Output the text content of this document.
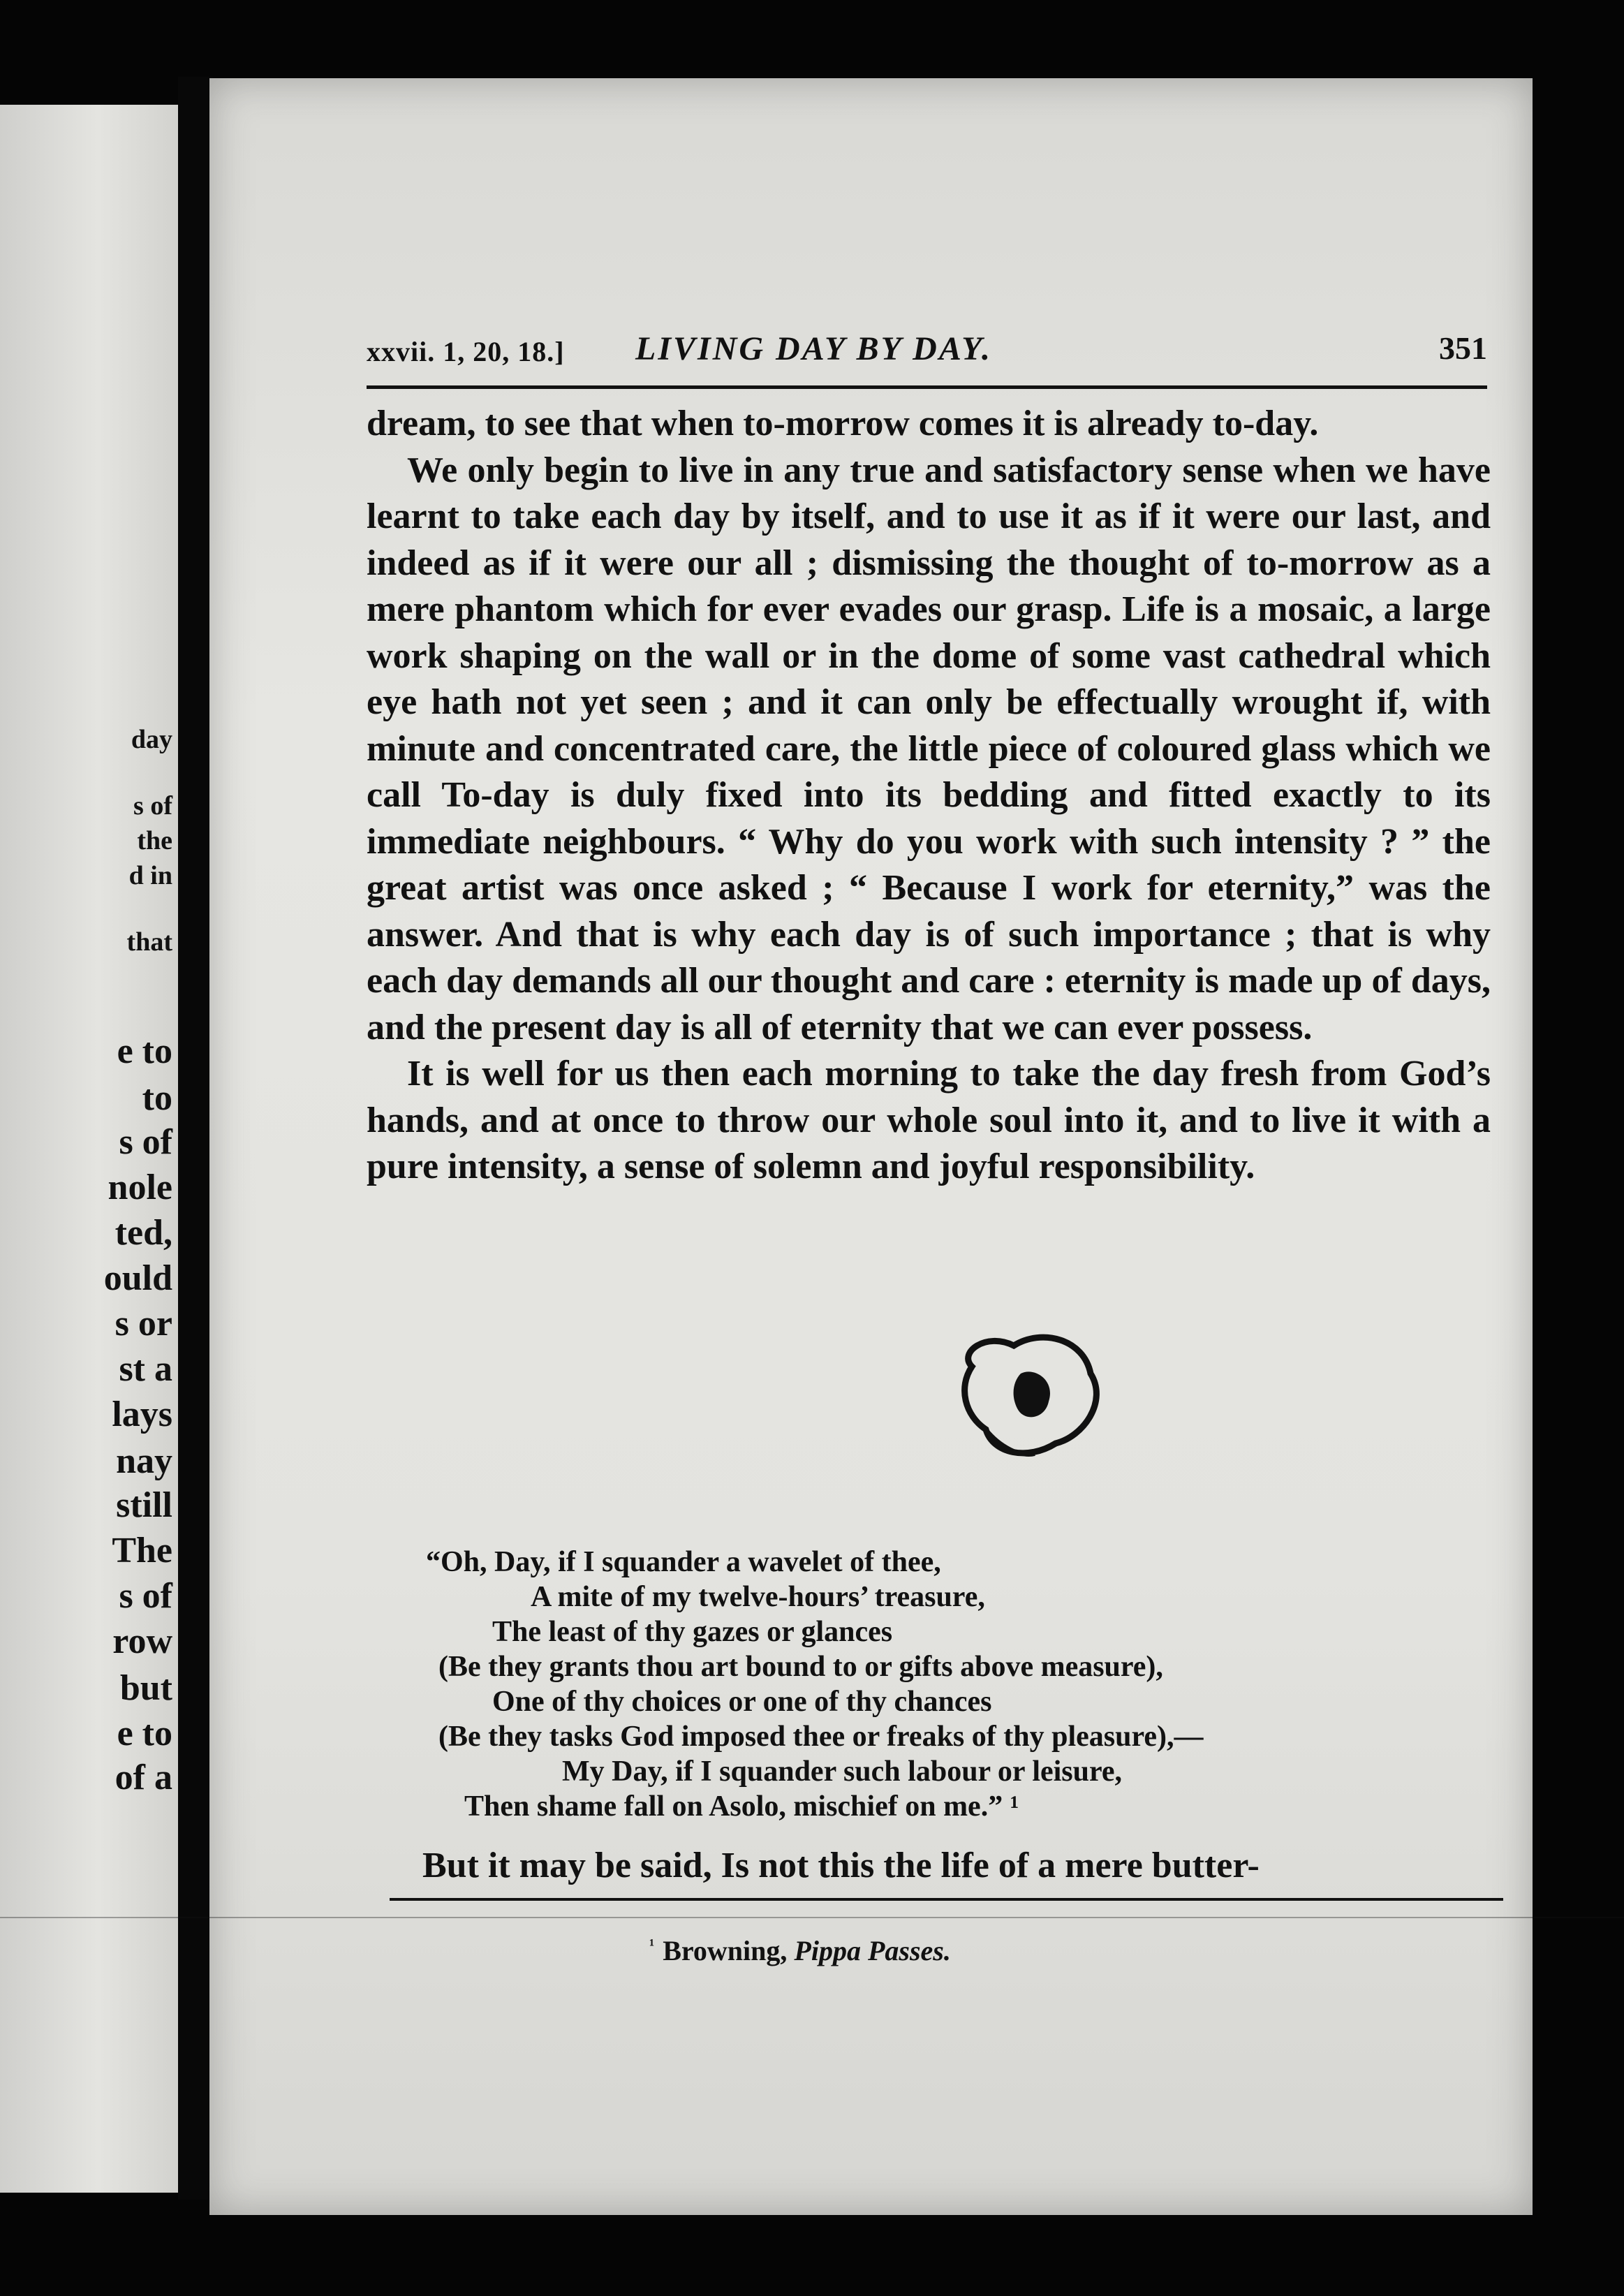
day
s of
the
d in
that
e to
to
s of
nole
ted,
ould
s or
st a
lays
nay
still
The
s of
row
but
e to
of a
xxvii. 1, 20, 18.] LIVING DAY BY DAY.	351

dream, to see that when to-morrow comes it is already to-day.

We only begin to live in any true and satisfactory sense when we have learnt to take each day by itself, and to use it as if it were our last, and indeed as if it were our all ; dismissing the thought of to-morrow as a mere phantom which for ever evades our grasp. Life is a mosaic, a large work shaping on the wall or in the dome of some vast cathedral which eye hath not yet seen ; and it can only be effectually wrought if, with minute and concentrated care, the little piece of coloured glass which we call To-day is duly fixed into its bedding and fitted exactly to its immediate neighbours. “ Why do you work with such intensity ? ” the great artist was once asked ; “ Because I work for eternity,” was the answer. And that is why each day is of such importance ; that is why each day demands all our thought and care : eternity is made up of days, and the present day is all of eternity that we can ever possess.

It is well for us then each morning to take the day fresh from God’s hands, and at once to throw our whole soul into it, and to live it with a pure intensity, a sense of solemn and joyful responsibility.

“Oh, Day, if I squander a wavelet of thee,
A mite of my twelve-hours’ treasure,
The least of thy gazes or glances
(Be they grants thou art bound to or gifts above measure),
One of thy choices or one of thy chances
(Be they tasks God imposed thee or freaks of thy pleasure),—
My Day, if I squander such labour or leisure,
Then shame fall on Asolo, mischief on me.” ¹
But it may be said, Is not this the life of a mere butter-
$^{^1}$ Browning, Pippa Passes.
